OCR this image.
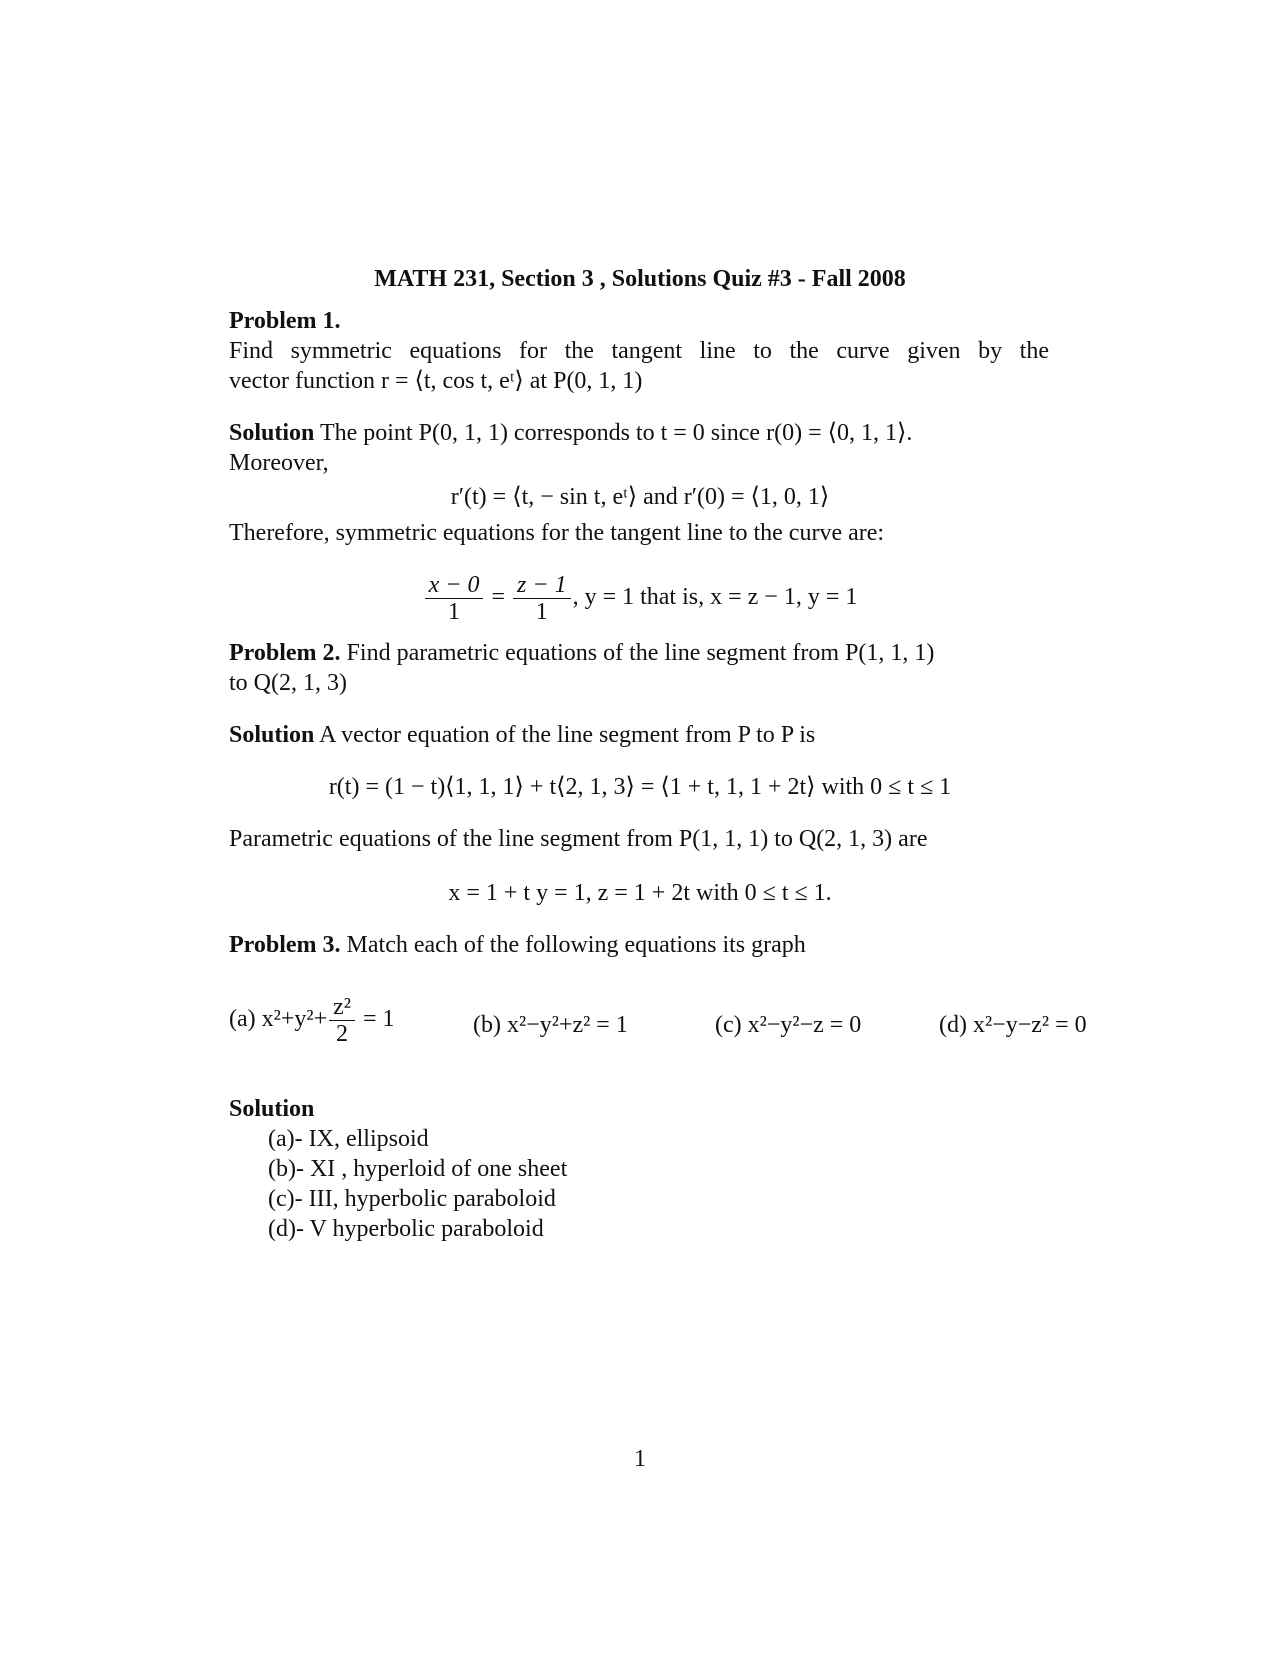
MATH 231, Section 3 , Solutions Quiz #3 - Fall 2008
Problem 1.
Find symmetric equations for the tangent line to the curve given by the
vector function r = ⟨t, cos t, eᵗ⟩ at P(0, 1, 1)
Solution The point P(0, 1, 1) corresponds to t = 0 since r(0) = ⟨0, 1, 1⟩.
Moreover,
r′(t) = ⟨t, − sin t, eᵗ⟩ and r′(0) = ⟨1, 0, 1⟩
Therefore, symmetric equations for the tangent line to the curve are:
$\frac{x - 0}{1} = \frac{z - 1}{1}$ , y = 1 that is, x = z − 1, y = 1
Problem 2. Find parametric equations of the line segment from P(1, 1, 1)
to Q(2, 1, 3)
Solution A vector equation of the line segment from P to P is
r(t) = (1 − t)⟨1, 1, 1⟩ + t⟨2, 1, 3⟩ = ⟨1 + t, 1, 1 + 2t⟩ with 0 ≤ t ≤ 1
Parametric equations of the line segment from P(1, 1, 1) to Q(2, 1, 3) are
x = 1 + t y = 1, z = 1 + 2t with 0 ≤ t ≤ 1.
Problem 3. Match each of the following equations its graph
(a) $x^2+y^2+ \frac{\text{z²}}{2} = 1$	(b) x²−y²+z² = 1	(c) x²−y²−z = 0	(d) x²−y−z² = 0
Solution
(a)- IX, ellipsoid
(b)- XI , hyperloid of one sheet
(c)- III, hyperbolic paraboloid
(d)- V hyperbolic paraboloid
1
